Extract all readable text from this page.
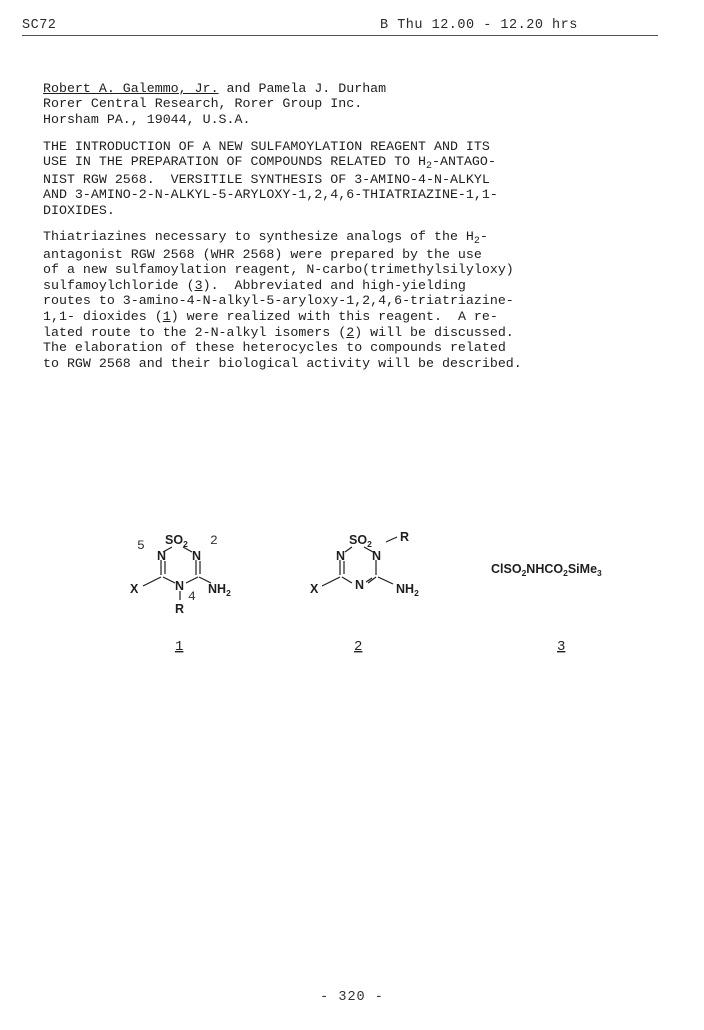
SC72	B Thu 12.00 - 12.20 hrs
Robert A. Galemmo, Jr. and Pamela J. Durham
Rorer Central Research, Rorer Group Inc.
Horsham PA., 19044, U.S.A.
THE INTRODUCTION OF A NEW SULFAMOYLATION REAGENT AND ITS
USE IN THE PREPARATION OF COMPOUNDS RELATED TO $H_2-ANTAGO-$
NIST RGW 2568.  VERSITILE SYNTHESIS OF 3-AMINO-4-N-ALKYL
AND 3-AMINO-2-N-ALKYL-5-ARYLOXY-1,2,4,6-THIATRIAZINE-1,1-
DIOXIDES.
Thiatriazines necessary to synthesize analogs of the $H_2-$
antagonist RGW 2568 (WHR 2568) were prepared by the use
of a new sulfamoylation reagent, N-carbo(trimethylsilyloxy)
sulfamoylchloride (3).  Abbreviated and high-yielding
routes to 3-amino-4-N-alkyl-5-aryloxy-1,2,4,6-triatriazine-
1,1- dioxides (1) were realized with this reagent.  A re-
lated route to the 2-N-alkyl isomers (2) will be discussed.
The elaboration of these heterocycles to compounds related
to RGW 2568 and their biological activity will be described.
5 $SO_2$ 2
N N
X	N
4 $NH_2$
R
1
$SO_2$ R
N N
X	N	$NH_2$
2	3
$ClSO_2NHCO_2SiMe_3$
- 320 -
